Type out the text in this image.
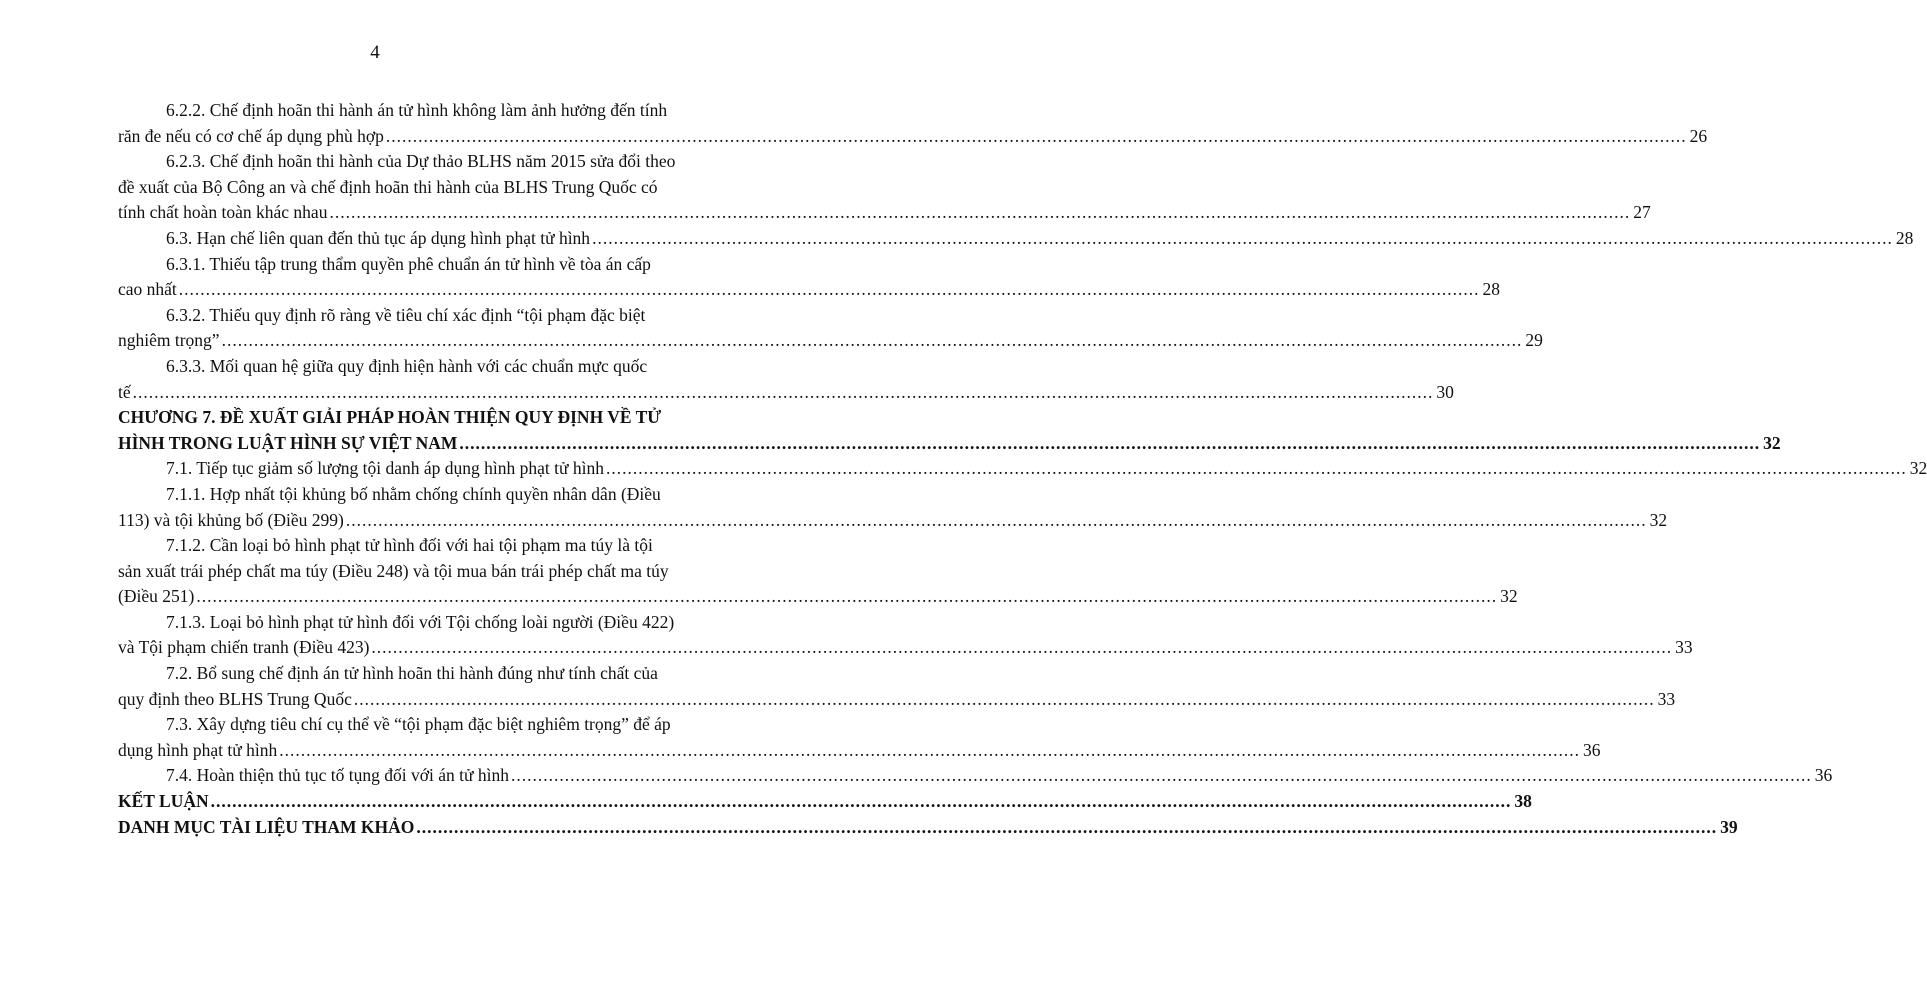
4
6.2.2. Chế định hoãn thi hành án tử hình không làm ảnh hưởng đến tính
răn đe nếu có cơ chế áp dụng phù hợp .....	26
6.2.3. Chế định hoãn thi hành của Dự thảo BLHS năm 2015 sửa đổi theo
đề xuất của Bộ Công an và chế định hoãn thi hành của BLHS Trung Quốc có
tính chất hoàn toàn khác nhau .....	27
6.3. Hạn chế liên quan đến thủ tục áp dụng hình phạt tử hình .....	28
6.3.1. Thiếu tập trung thẩm quyền phê chuẩn án tử hình về tòa án cấp
cao nhất .....	28
6.3.2. Thiếu quy định rõ ràng về tiêu chí xác định “tội phạm đặc biệt
nghiêm trọng” .....	29
6.3.3. Mối quan hệ giữa quy định hiện hành với các chuẩn mực quốc
tế .....	30
CHƯƠNG 7. ĐỀ XUẤT GIẢI PHÁP HOÀN THIỆN QUY ĐỊNH VỀ TỬ
HÌNH TRONG LUẬT HÌNH SỰ VIỆT NAM .....	32
7.1. Tiếp tục giảm số lượng tội danh áp dụng hình phạt tử hình .....	32
7.1.1. Hợp nhất tội khủng bố nhằm chống chính quyền nhân dân (Điều
113) và tội khủng bố (Điều 299) .....	32
7.1.2. Cần loại bỏ hình phạt tử hình đối với hai tội phạm ma túy là tội
sản xuất trái phép chất ma túy (Điều 248) và tội mua bán trái phép chất ma túy
(Điều 251) .....	32
7.1.3. Loại bỏ hình phạt tử hình đối với Tội chống loài người (Điều 422)
và Tội phạm chiến tranh (Điều 423) .....	33
7.2. Bổ sung chế định án tử hình hoãn thi hành đúng như tính chất của
quy định theo BLHS Trung Quốc .....	33
7.3. Xây dựng tiêu chí cụ thể về “tội phạm đặc biệt nghiêm trọng” để áp
dụng hình phạt tử hình .....	36
7.4. Hoàn thiện thủ tục tố tụng đối với án tử hình .....	36
KẾT LUẬN .....	38
DANH MỤC TÀI LIỆU THAM KHẢO .....	39
